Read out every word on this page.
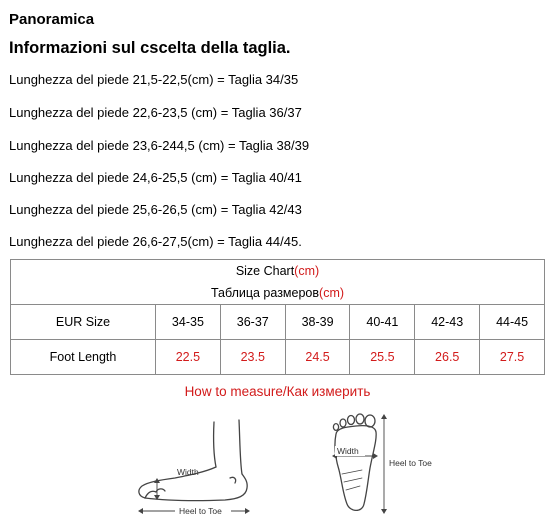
Panoramica
Informazioni sul cscelta della taglia.
Lunghezza del piede 21,5-22,5(cm) = Taglia 34/35
Lunghezza del piede 22,6-23,5 (cm) = Taglia 36/37
Lunghezza del piede 23,6-244,5 (cm) = Taglia 38/39
Lunghezza del piede 24,6-25,5 (cm) = Taglia 40/41
Lunghezza del piede 25,6-26,5 (cm) = Taglia 42/43
Lunghezza del piede 26,6-27,5(cm) = Taglia 44/45.
Size Chart(cm)						
Таблица размеров(cm)						
EUR Size	34-35	36-37	38-39	40-41	42-43	44-45
Foot Length	22.5	23.5	24.5	25.5	26.5	27.5
How to measure/Как измерить
Width
Heel to Toe
Width
Heel to Toe
